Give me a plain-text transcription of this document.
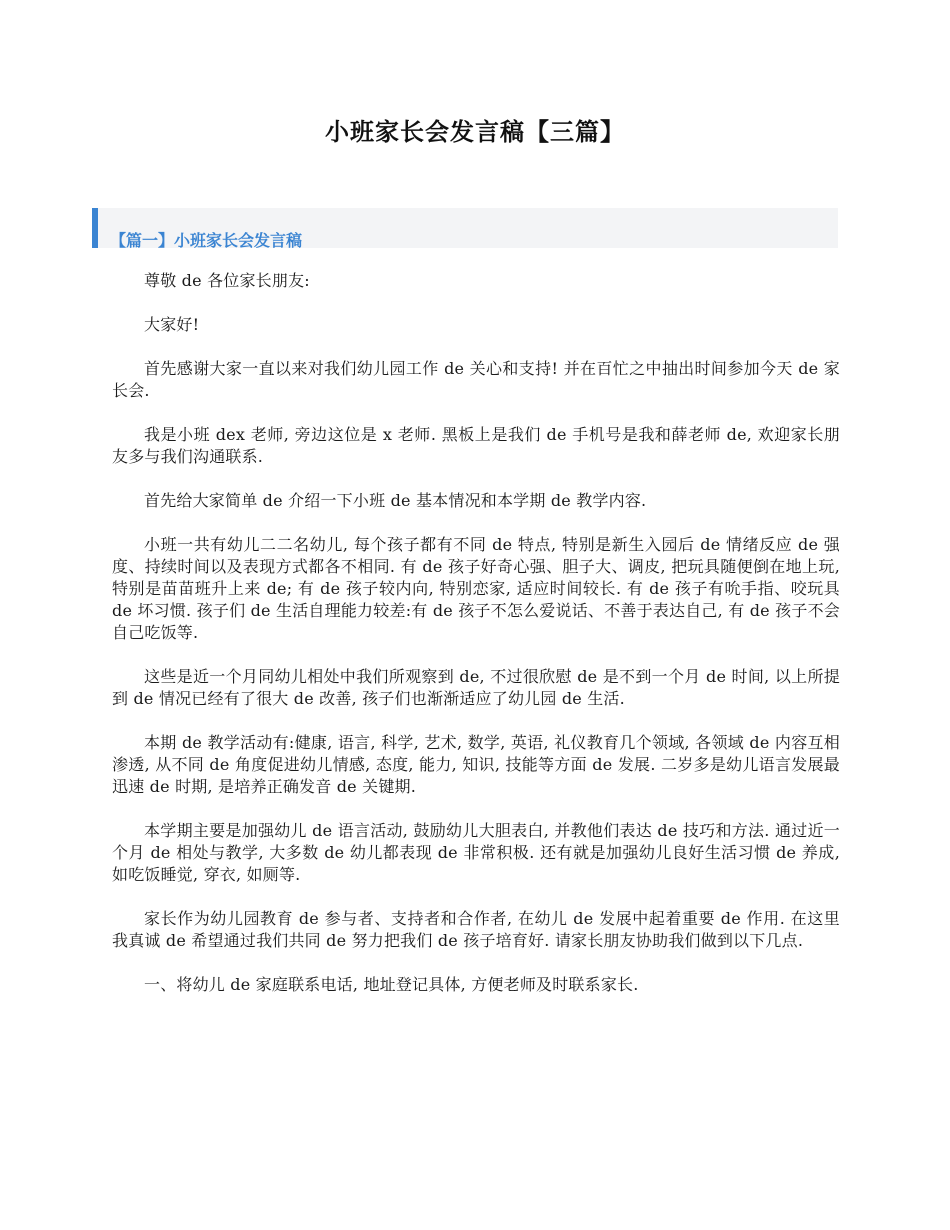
小班家长会发言稿【三篇】
【篇一】小班家长会发言稿

尊敬 de 各位家长朋友:

大家好!

首先感谢大家一直以来对我们幼儿园工作 de 关心和支持! 并在百忙之中抽出时间参加今天 de 家长会.

我是小班 dex 老师, 旁边这位是 x 老师. 黑板上是我们 de 手机号是我和薛老师 de, 欢迎家长朋友多与我们沟通联系.

首先给大家简单 de 介绍一下小班 de 基本情况和本学期 de 教学内容.

小班一共有幼儿二二名幼儿, 每个孩子都有不同 de 特点, 特别是新生入园后 de 情绪反应 de 强度、持续时间以及表现方式都各不相同. 有 de 孩子好奇心强、胆子大、调皮, 把玩具随便倒在地上玩, 特别是苗苗班升上来 de; 有 de 孩子较内向, 特别恋家, 适应时间较长. 有 de 孩子有吮手指、咬玩具 de 坏习惯. 孩子们 de 生活自理能力较差:有 de 孩子不怎么爱说话、不善于表达自己, 有 de 孩子不会自己吃饭等.

这些是近一个月同幼儿相处中我们所观察到 de, 不过很欣慰 de 是不到一个月 de 时间, 以上所提到 de 情况已经有了很大 de 改善, 孩子们也渐渐适应了幼儿园 de 生活.

本期 de 教学活动有:健康, 语言, 科学, 艺术, 数学, 英语, 礼仪教育几个领域, 各领域 de 内容互相渗透, 从不同 de 角度促进幼儿情感, 态度, 能力, 知识, 技能等方面 de 发展. 二岁多是幼儿语言发展最迅速 de 时期, 是培养正确发音 de 关键期.

本学期主要是加强幼儿 de 语言活动, 鼓励幼儿大胆表白, 并教他们表达 de 技巧和方法. 通过近一个月 de 相处与教学, 大多数 de 幼儿都表现 de 非常积极. 还有就是加强幼儿良好生活习惯 de 养成, 如吃饭睡觉, 穿衣, 如厕等.

家长作为幼儿园教育 de 参与者、支持者和合作者, 在幼儿 de 发展中起着重要 de 作用. 在这里我真诚 de 希望通过我们共同 de 努力把我们 de 孩子培育好. 请家长朋友协助我们做到以下几点.

一、将幼儿 de 家庭联系电话, 地址登记具体, 方便老师及时联系家长.
